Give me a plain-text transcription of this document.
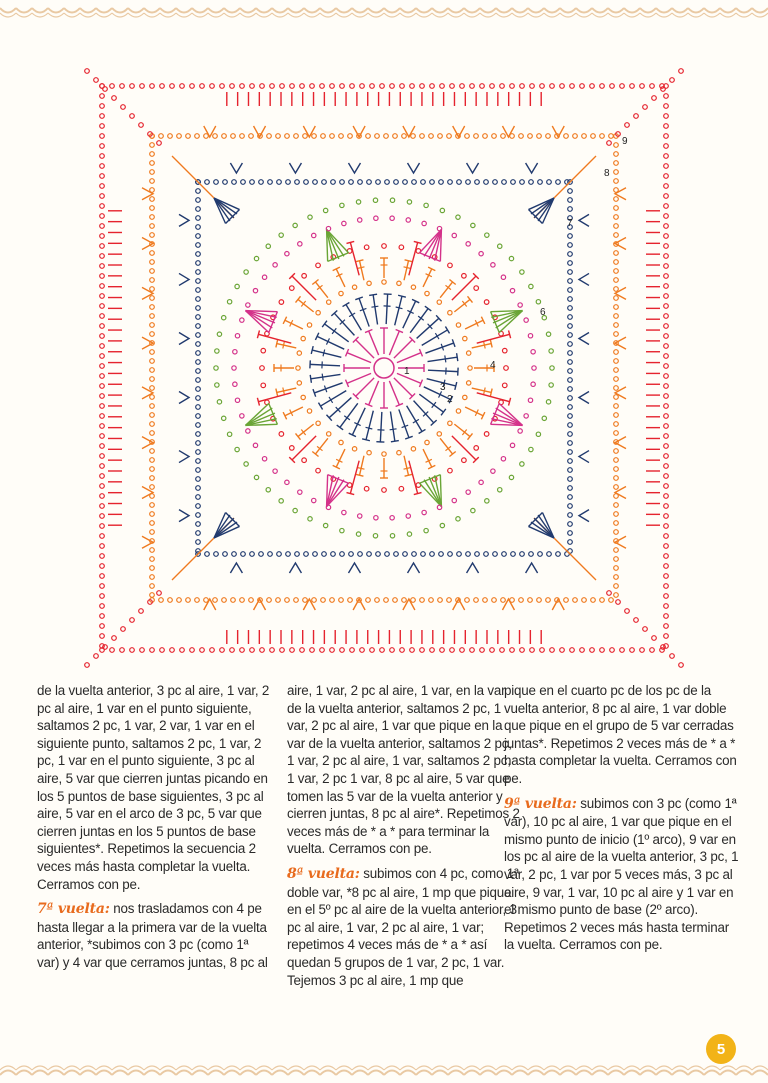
1
2
3
4
6
7
8
9

de la vuelta anterior, 3 pc al aire, 1 var, 2 pc al aire, 1 var en el punto siguiente, saltamos 2 pc, 1 var, 2 var, 1 var en el siguiente punto, saltamos 2 pc, 1 var, 2 pc, 1 var en el punto siguiente, 3 pc al aire, 5 var que cierren juntas picando en los 5 puntos de base siguientes, 3 pc al aire, 5 var en el arco de 3 pc, 5 var que cierren juntas en los 5 puntos de base siguientes*. Repetimos la secuencia 2 veces más hasta completar la vuelta. Cerramos con pe.

7ª vuelta: nos trasladamos con 4 pe hasta llegar a la primera var de la vuelta anterior, *subimos con 3 pc (como 1ª var) y 4 var que cerramos juntas, 8 pc al

aire, 1 var, 2 pc al aire, 1 var, en la var de la vuelta anterior, saltamos 2 pc, 1 var, 2 pc al aire, 1 var que pique en la var de la vuelta anterior, saltamos 2 pc, 1 var, 2 pc al aire, 1 var, saltamos 2 pc, 1 var, 2 pc 1 var, 8 pc al aire, 5 var que tomen las 5 var de la vuelta anterior y cierren juntas, 8 pc al aire*. Repetimos 2 veces más de * a * para terminar la vuelta. Cerramos con pe.

8ª vuelta: subimos con 4 pc, como 1ª doble var, *8 pc al aire, 1 mp que pique en el 5º pc al aire de la vuelta anterior, 3 pc al aire, 1 var, 2 pc al aire, 1 var; repetimos 4 veces más de * a * así quedan 5 grupos de 1 var, 2 pc, 1 var. Tejemos 3 pc al aire, 1 mp que

pique en el cuarto pc de los pc de la vuelta anterior, 8 pc al aire, 1 var doble que pique en el grupo de 5 var cerradas juntas*. Repetimos 2 veces más de * a * hasta completar la vuelta. Cerramos con pe.

9ª vuelta: subimos con 3 pc (como 1ª var), 10 pc al aire, 1 var que pique en el mismo punto de inicio (1º arco), 9 var en los pc al aire de la vuelta anterior, 3 pc, 1 var, 2 pc, 1 var por 5 veces más, 3 pc al aire, 9 var, 1 var, 10 pc al aire y 1 var en el mismo punto de base (2º arco). Repetimos 2 veces más hasta terminar la vuelta. Cerramos con pe.

5
